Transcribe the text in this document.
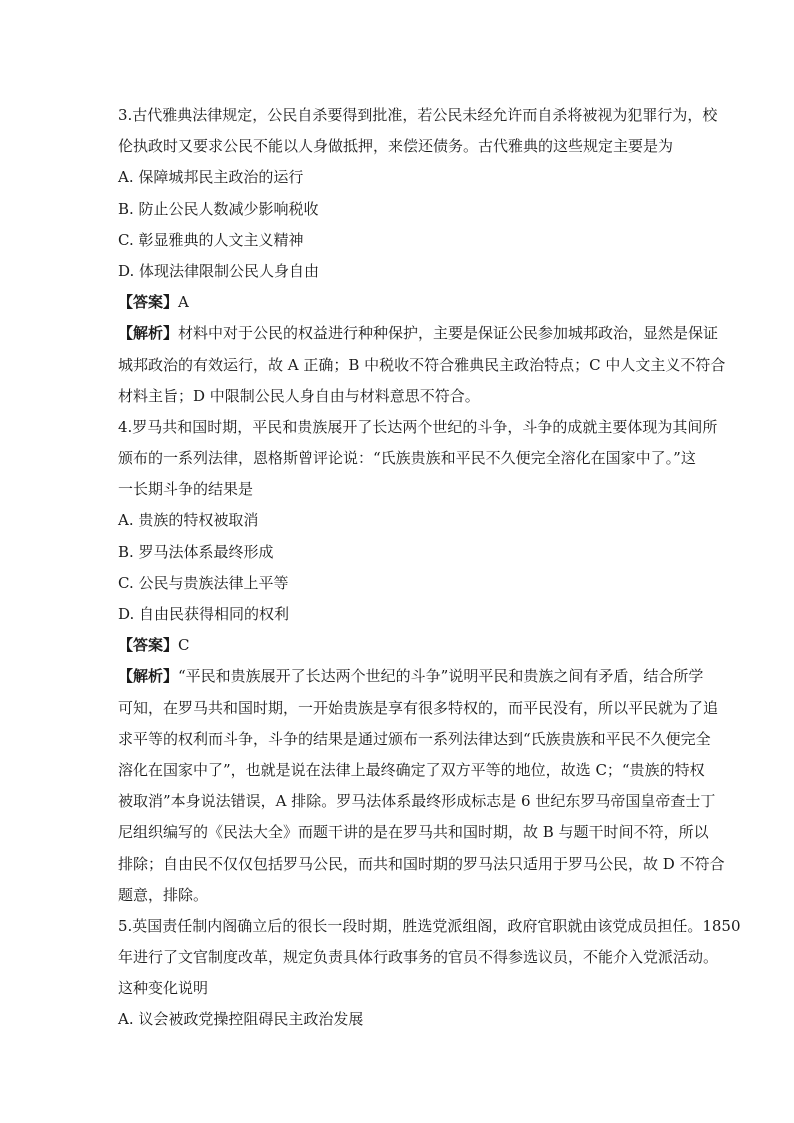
3.古代雅典法律规定，公民自杀要得到批准，若公民未经允许而自杀将被视为犯罪行为，校
伦执政时又要求公民不能以人身做抵押，来偿还债务。古代雅典的这些规定主要是为
A. 保障城邦民主政治的运行
B. 防止公民人数减少影响税收
C. 彰显雅典的人文主义精神
D. 体现法律限制公民人身自由
【答案】A
【解析】材料中对于公民的权益进行种种保护，主要是保证公民参加城邦政治，显然是保证
城邦政治的有效运行，故 A 正确；B 中税收不符合雅典民主政治特点；C 中人文主义不符合
材料主旨；D 中限制公民人身自由与材料意思不符合。
4.罗马共和国时期，平民和贵族展开了长达两个世纪的斗争，斗争的成就主要体现为其间所
颁布的一系列法律，恩格斯曾评论说：“氏族贵族和平民不久便完全溶化在国家中了。”这
一长期斗争的结果是
A. 贵族的特权被取消
B. 罗马法体系最终形成
C. 公民与贵族法律上平等
D. 自由民获得相同的权利
【答案】C
【解析】“平民和贵族展开了长达两个世纪的斗争”说明平民和贵族之间有矛盾，结合所学
可知，在罗马共和国时期，一开始贵族是享有很多特权的，而平民没有，所以平民就为了追
求平等的权利而斗争，斗争的结果是通过颁布一系列法律达到“氏族贵族和平民不久便完全
溶化在国家中了”，也就是说在法律上最终确定了双方平等的地位，故选 C；“贵族的特权
被取消”本身说法错误，A 排除。罗马法体系最终形成标志是 6 世纪东罗马帝国皇帝查士丁
尼组织编写的《民法大全》而题干讲的是在罗马共和国时期，故 B 与题干时间不符，所以
排除；自由民不仅仅包括罗马公民，而共和国时期的罗马法只适用于罗马公民，故 D 不符合
题意，排除。
5.英国责任制内阁确立后的很长一段时期，胜选党派组阁，政府官职就由该党成员担任。1850
年进行了文官制度改革，规定负责具体行政事务的官员不得参选议员，不能介入党派活动。
这种变化说明
A. 议会被政党操控阻碍民主政治发展
